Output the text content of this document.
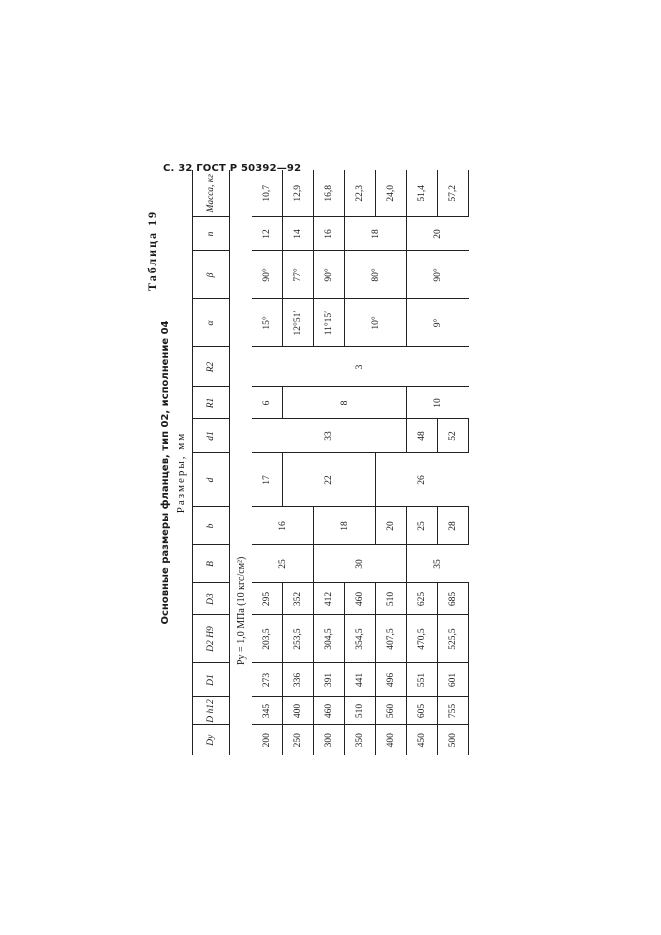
С. 32 ГОСТ Р 50392—92
Таблица 19
Основные размеры фланцев, тип 02, исполнение 04 Размеры, мм
Dу	D h12	D1	D2 H9	D3	B	b	d	d1	R1	R2	α	β	n	Масса, кг
Pу = 1,0 МПа (10 кгс/см²)														
200	345	273	203,5	295	25	16	17	33	6	3	15°	90°	12	10,7
250	400	336	253,5	352			22		8		12°51′	77°	14	12,9
300	460	391	304,5	412	30	18					11°15′	90°	16	16,8
350	510	441	354,5	460							10°	80°	18	22,3
400	560	496	407,5	510		20	26							24,0
450	605	551	470,5	625	35	25		48	10		9°	90°	20	51,4
500	755	601	525,5	685		28		52						57,2
